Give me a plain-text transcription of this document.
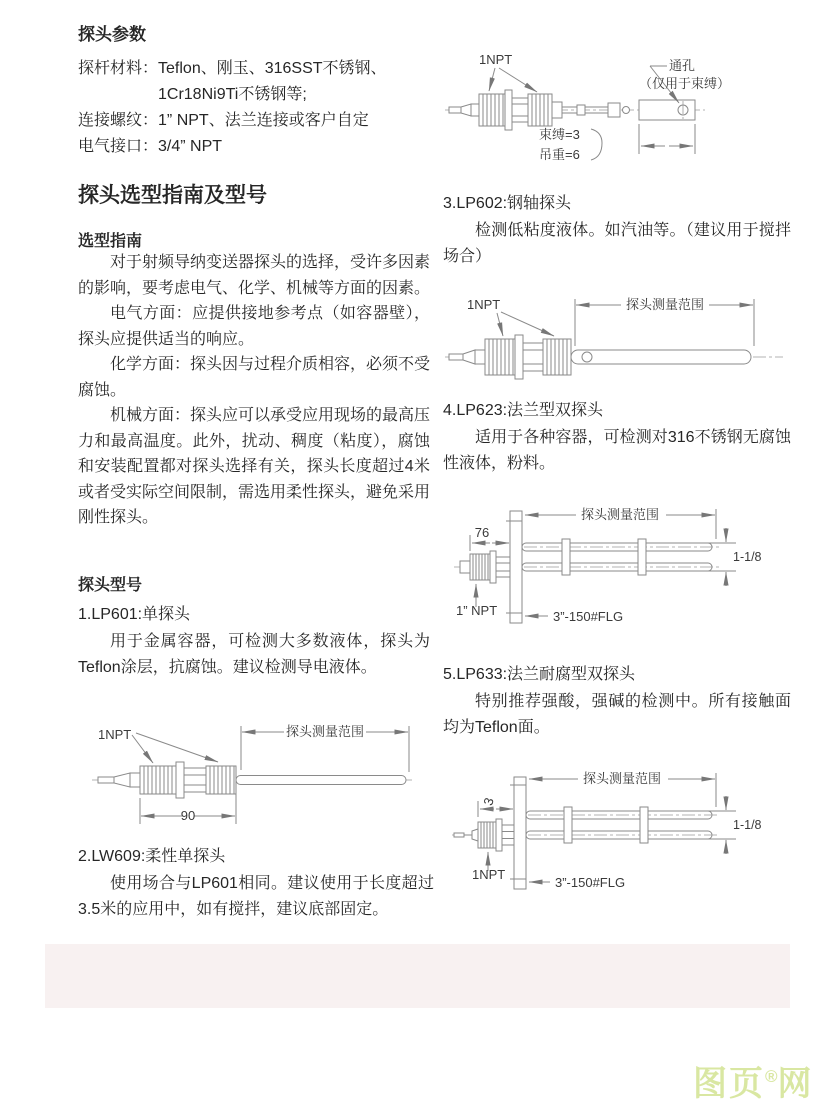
探头参数
探杆材料：Teflon、刚玉、316SST不锈钢、
1Cr18Ni9Ti不锈钢等;
连接螺纹：1” NPT、法兰连接或客户自定
电气接口：3/4” NPT
探头选型指南及型号
选型指南

对于射频导纳变送器探头的选择，受许多因素的影响，要考虑电气、化学、机械等方面的因素。

电气方面：应提供接地参考点（如容器壁），探头应提供适当的响应。

化学方面：探头因与过程介质相容，必须不受腐蚀。

机械方面：探头应可以承受应用现场的最高压力和最高温度。此外，扰动、稠度（粘度），腐蚀和安装配置都对探头选择有关，探头长度超过4米或者受实际空间限制，需选用柔性探头，避免采用刚性探头。

探头型号
1.LP601:单探头

用于金属容器，可检测大多数液体，探头为Teflon涂层，抗腐蚀。建议检测导电液体。

1NPT	探头测量范围
90
2.LW609:柔性单探头

使用场合与LP601相同。建议使用于长度超过3.5米的应用中，如有搅拌，建议底部固定。

1NPT	通孔
（仅用于束缚）
束缚=3
吊重=6
3.LP602:钢轴探头

检测低粘度液体。如汽油等。（建议用于搅拌场合）

1NPT	探头测量范围
4.LP623:法兰型双探头

适用于各种容器，可检测对316不锈钢无腐蚀性液体，粉料。

76
探头测量范围
1-1/8
1” NPT	3”-150#FLG
5.LP633:法兰耐腐型双探头

特别推荐强酸，强碱的检测中。所有接触面均为Teflon面。

3
探头测量范围
1-1/8
1NPT
3”-150#FLG
图页®网
